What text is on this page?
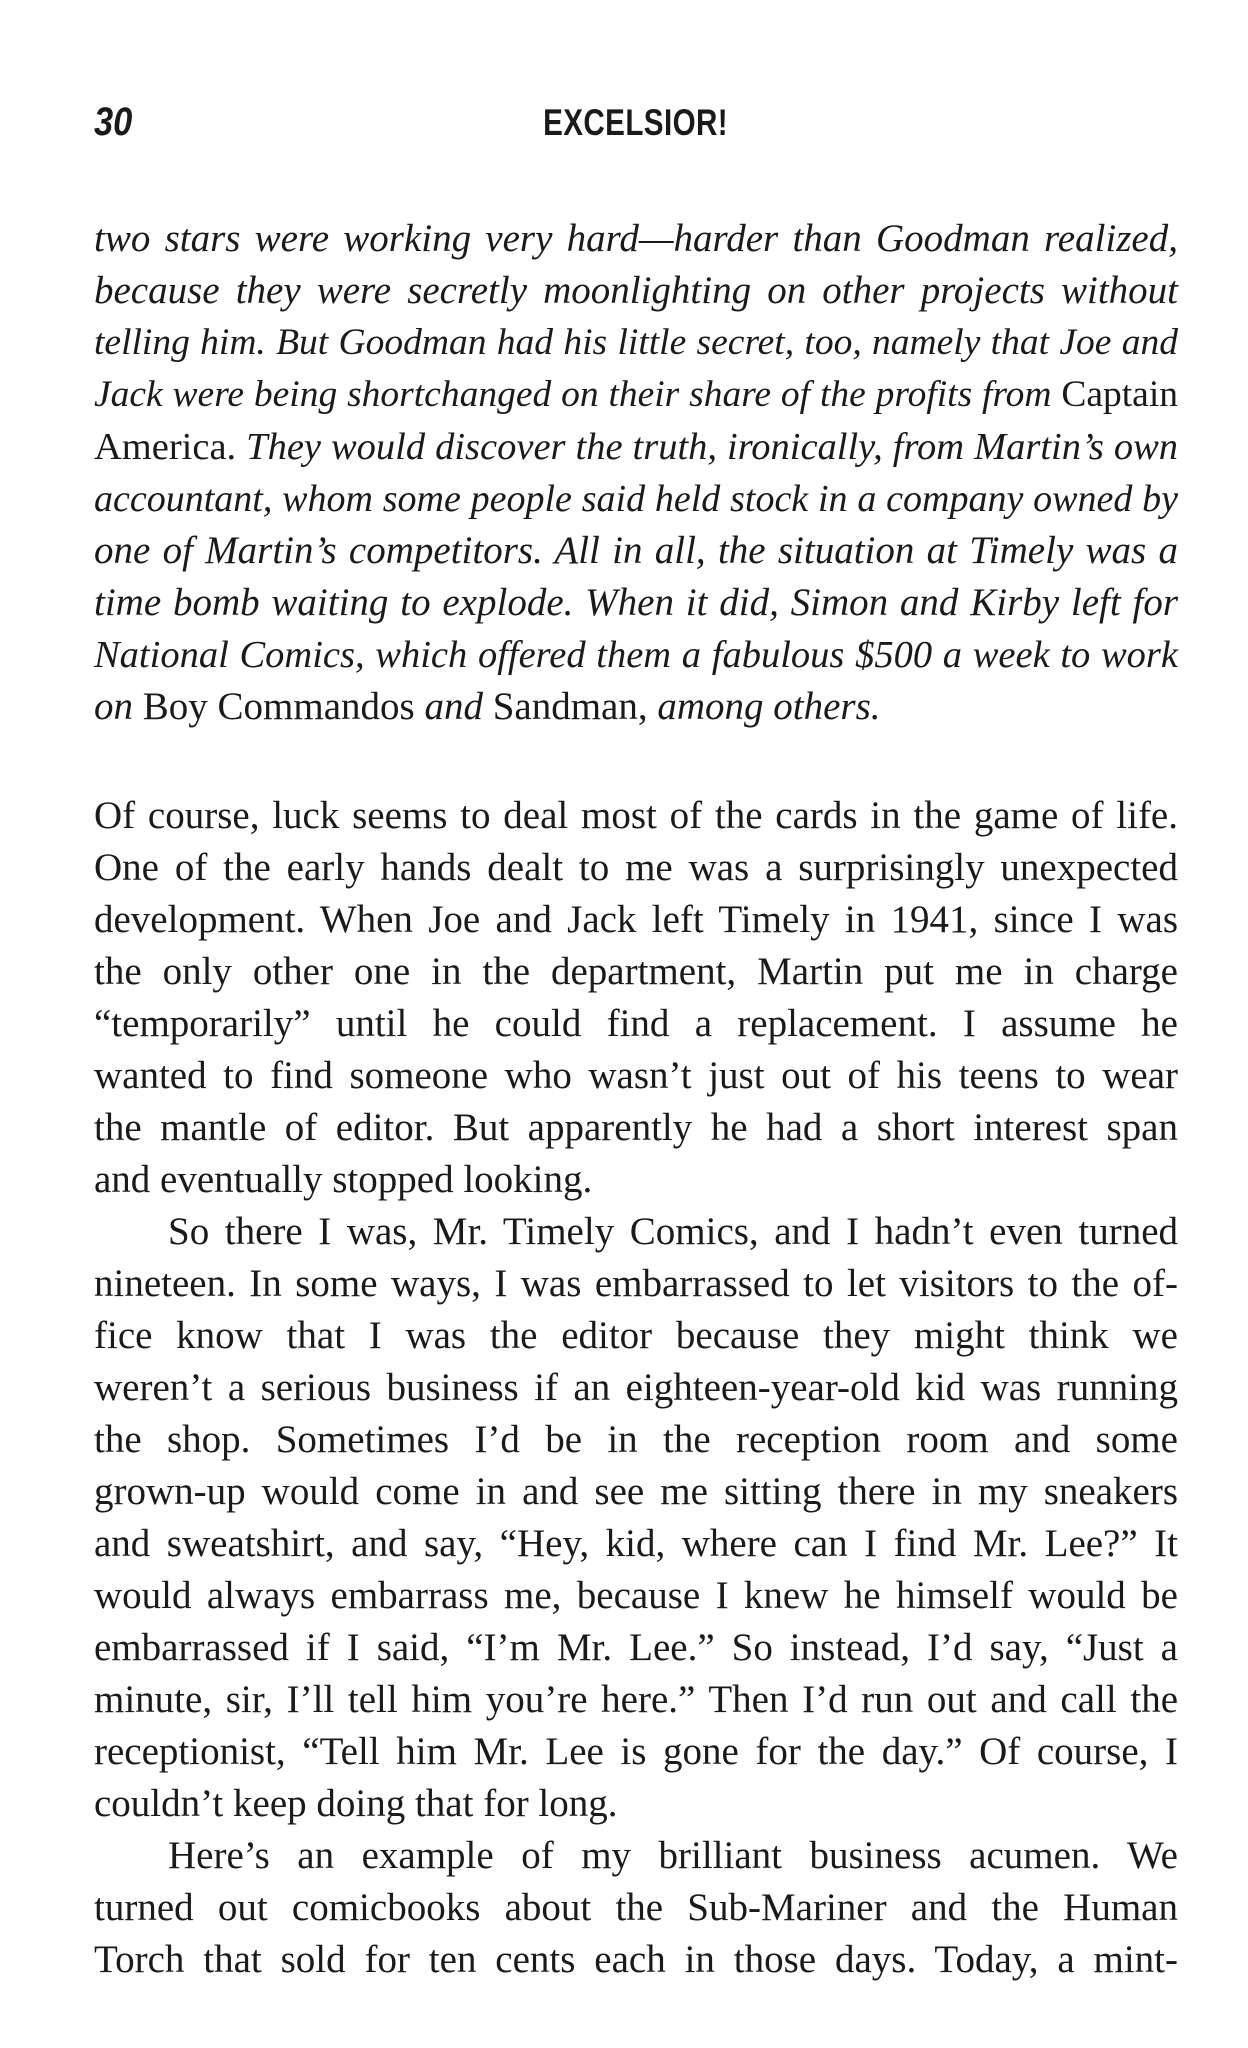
30	EXCELSIOR!
two stars were working very hard—harder than Goodman realized,
because they were secretly moonlighting on other projects without
telling him. But Goodman had his little secret, too, namely that Joe and
Jack were being shortchanged on their share of the profits from Captain
America. They would discover the truth, ironically, from Martin’s own
accountant, whom some people said held stock in a company owned by
one of Martin’s competitors. All in all, the situation at Timely was a
time bomb waiting to explode. When it did, Simon and Kirby left for
National Comics, which offered them a fabulous $500 a week to work
on Boy Commandos and Sandman, among others.
Of course, luck seems to deal most of the cards in the game of life.
One of the early hands dealt to me was a surprisingly unexpected
development. When Joe and Jack left Timely in 1941, since I was
the only other one in the department, Martin put me in charge
“temporarily” until he could find a replacement. I assume he
wanted to find someone who wasn’t just out of his teens to wear
the mantle of editor. But apparently he had a short interest span
and eventually stopped looking.
So there I was, Mr. Timely Comics, and I hadn’t even turned
nineteen. In some ways, I was embarrassed to let visitors to the of-
fice know that I was the editor because they might think we
weren’t a serious business if an eighteen-year-old kid was running
the shop. Sometimes I’d be in the reception room and some
grown-up would come in and see me sitting there in my sneakers
and sweatshirt, and say, “Hey, kid, where can I find Mr. Lee?” It
would always embarrass me, because I knew he himself would be
embarrassed if I said, “I’m Mr. Lee.” So instead, I’d say, “Just a
minute, sir, I’ll tell him you’re here.” Then I’d run out and call the
receptionist, “Tell him Mr. Lee is gone for the day.” Of course, I
couldn’t keep doing that for long.
Here’s an example of my brilliant business acumen. We
turned out comicbooks about the Sub-Mariner and the Human
Torch that sold for ten cents each in those days. Today, a mint-
